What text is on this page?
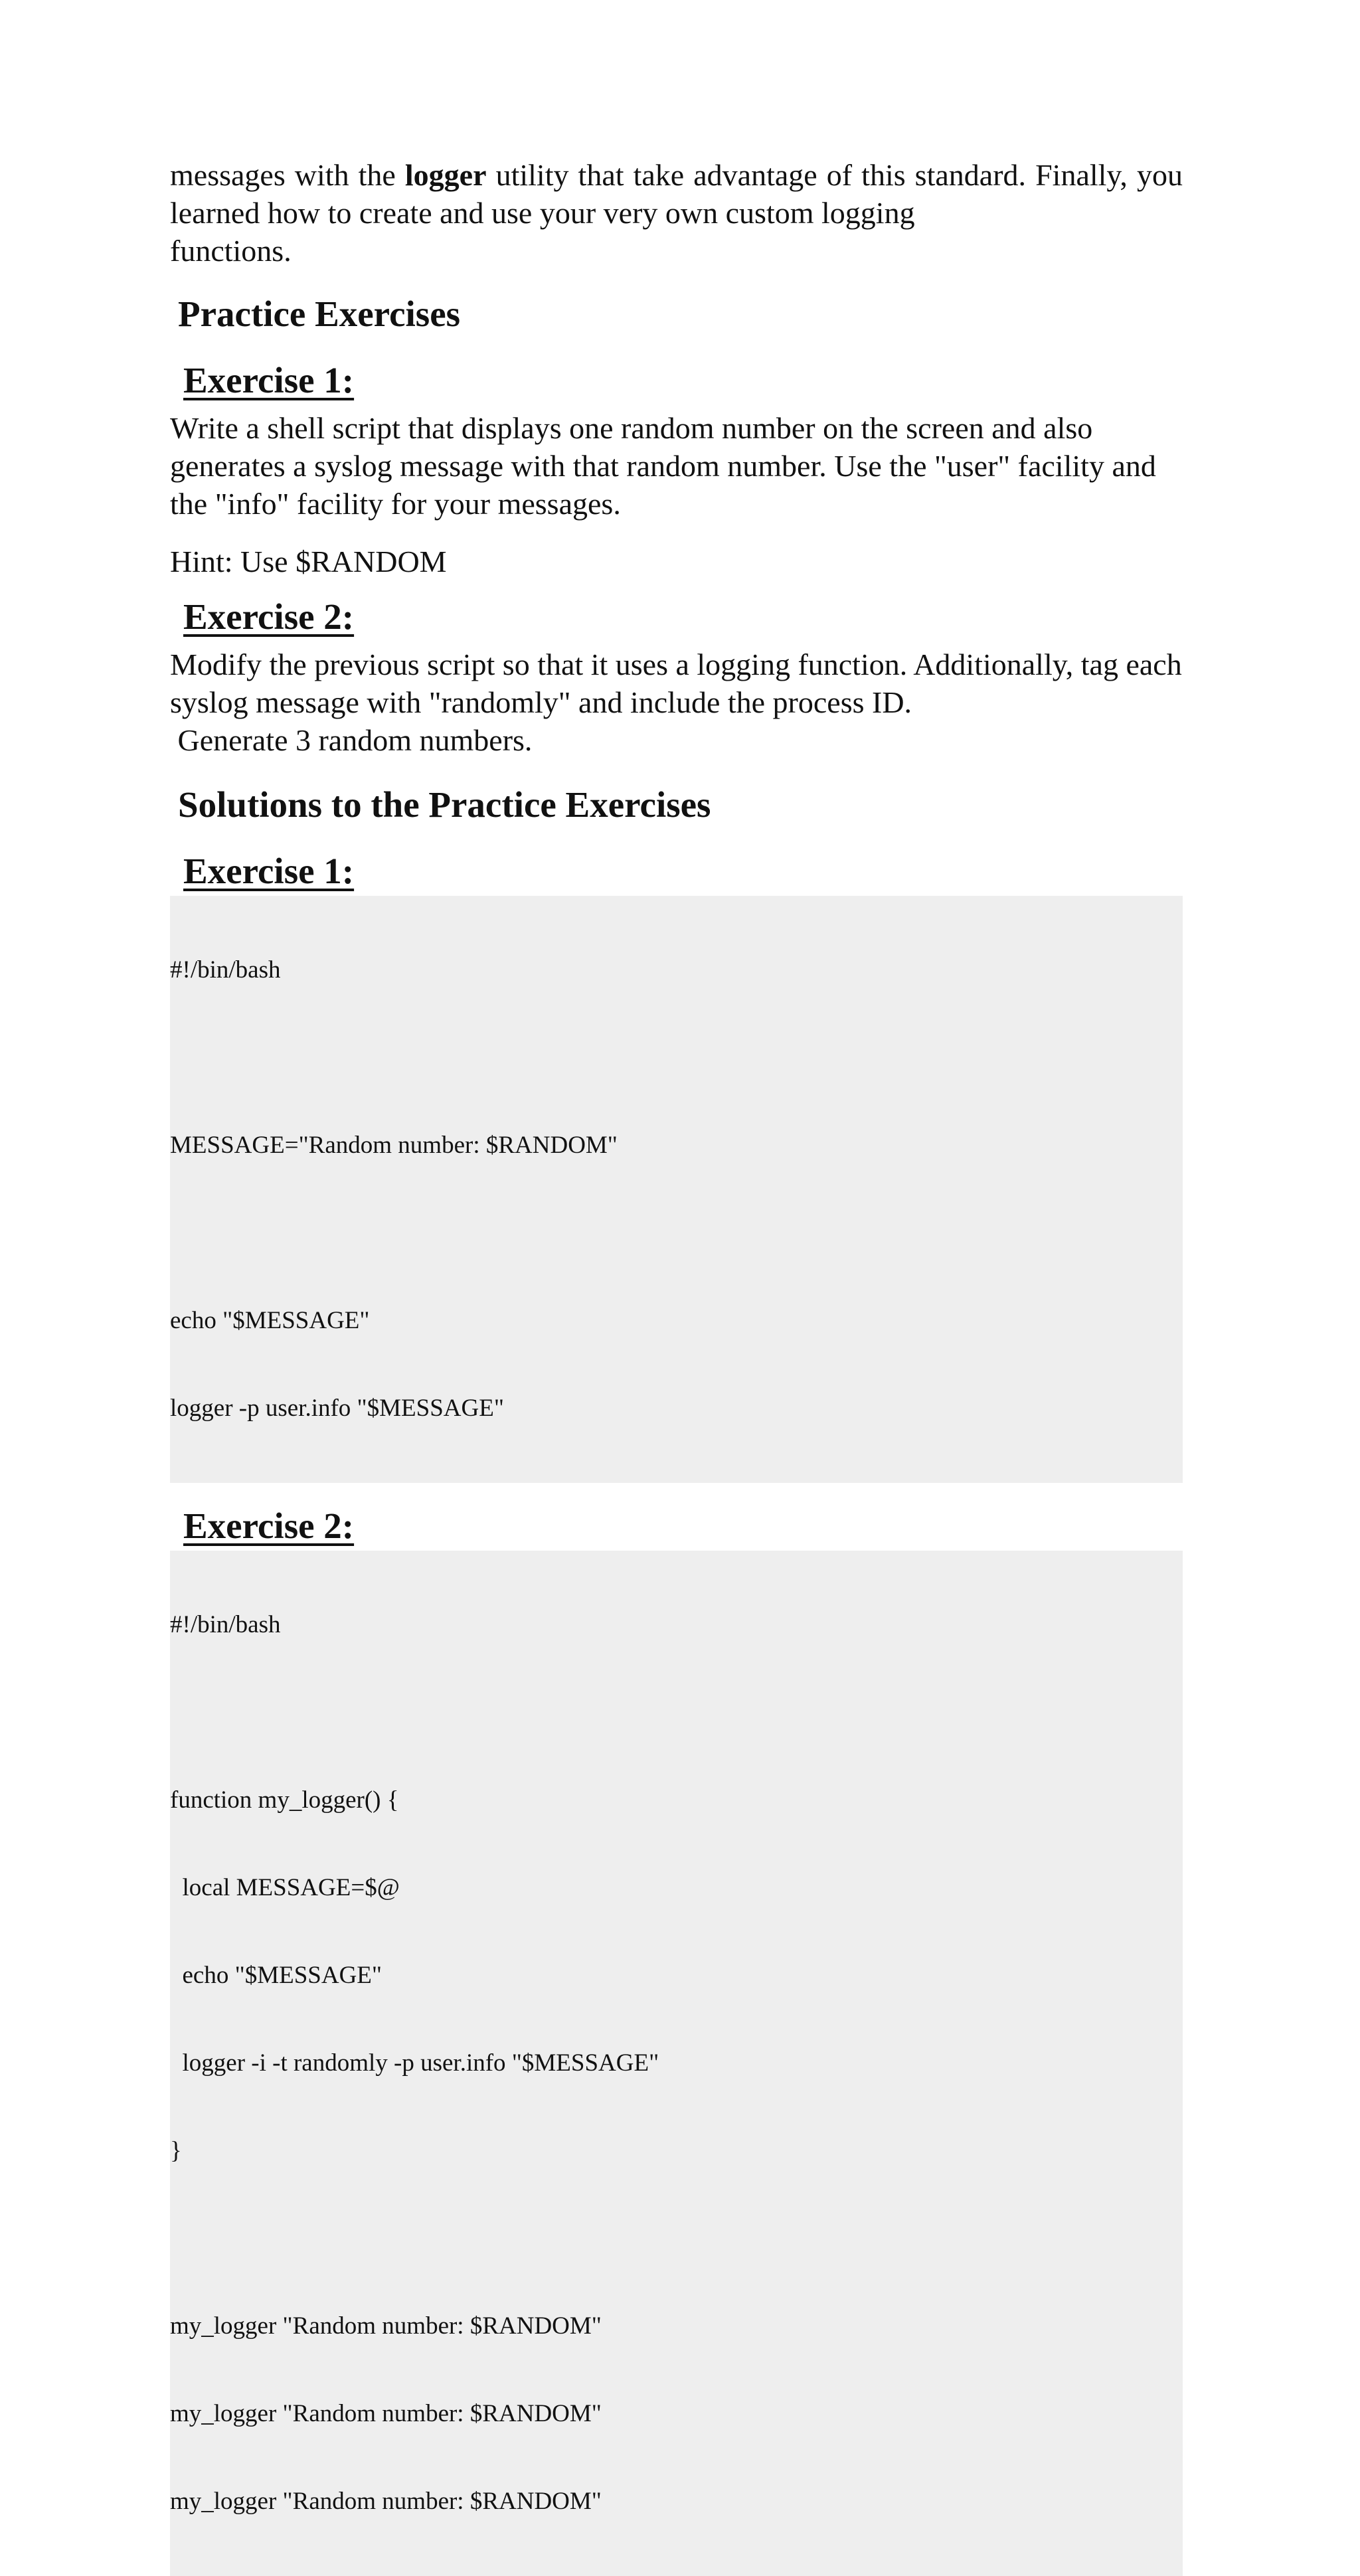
messages with the logger utility that take advantage of this standard. Finally, you learned how to create and use your very own custom logging
functions.

Practice Exercises
Exercise 1:

Write a shell script that displays one random number on the screen and also generates a syslog message with that random number. Use the "user" facility and the "info" facility for your messages.

Hint: Use $RANDOM

Exercise 2:

Modify the previous script so that it uses a logging function. Additionally, tag each syslog message with "randomly" and include the process ID.
Generate 3 random numbers.

Solutions to the Practice Exercises
Exercise 1:

#!/bin/bash

MESSAGE="Random number: $RANDOM"

echo "$MESSAGE"

logger -p user.info "$MESSAGE"

Exercise 2:

#!/bin/bash

function my_logger() {

local MESSAGE=$@

echo "$MESSAGE"

logger -i -t randomly -p user.info "$MESSAGE"

}

my_logger "Random number: $RANDOM"

my_logger "Random number: $RANDOM"

my_logger "Random number: $RANDOM"
